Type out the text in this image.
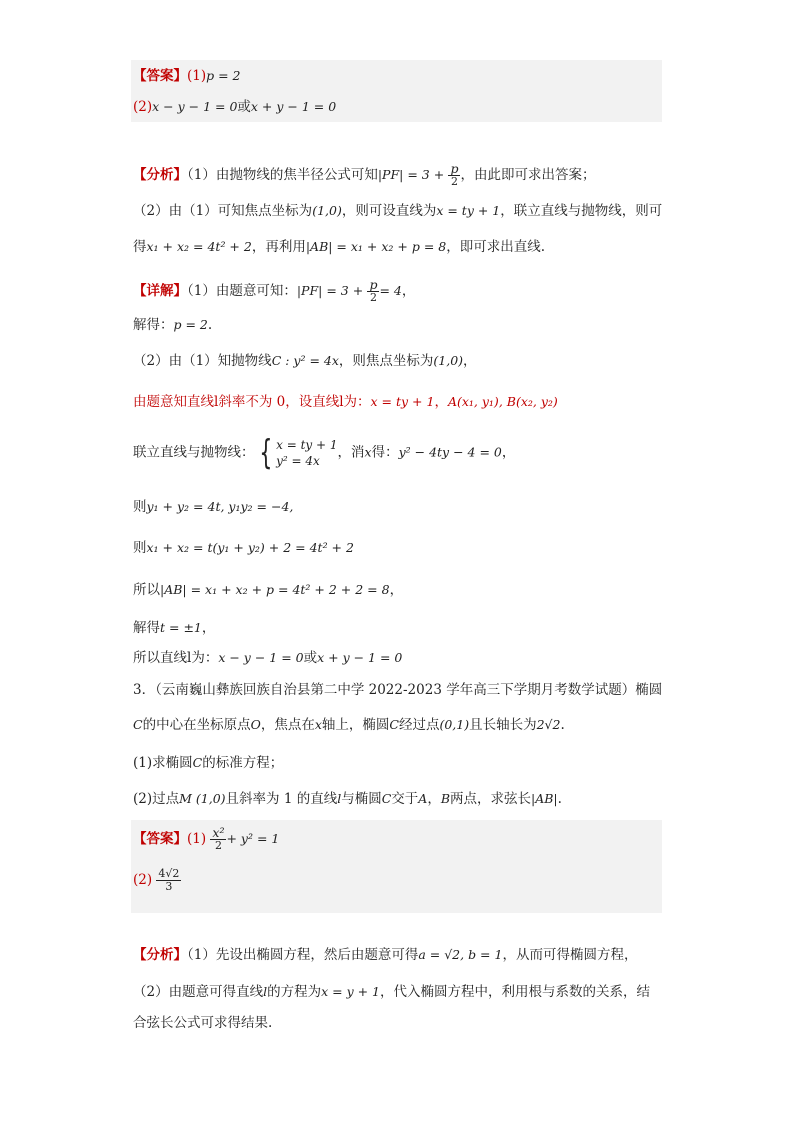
【答案】(1)p = 2
(2)x − y − 1 = 0或x + y − 1 = 0
【分析】（1）由抛物线的焦半径公式可知$|PF| = 3 + \frac{p}{2}$ ，由此即可求出答案；
（2）由（1）可知焦点坐标为(1,0)，则可设直线为x = ty + 1，联立直线与抛物线，则可
得x₁ + x₂ = 4t² + 2，再利用|AB| = x₁ + x₂ + p = 8，即可求出直线.
【详解】（1）由题意可知：$|PF| = 3 + \frac{p}{2} = 4$，
解得：p = 2.
（2）由（1）知抛物线C : y² = 4x，则焦点坐标为(1,0)，
由题意知直线l斜率不为 0，设直线l为：x = ty + 1，A(x₁, y₁), B(x₂, y₂)
联立直线与抛物线： { x = ty + 1
y² = 4x
，消x得：y² − 4ty − 4 = 0，
则y₁ + y₂ = 4t, y₁y₂ = −4,
则x₁ + x₂ = t(y₁ + y₂) + 2 = 4t² + 2
所以|AB| = x₁ + x₂ + p = 4t² + 2 + 2 = 8，
解得t = ±1，
所以直线l为：x − y − 1 = 0或x + y − 1 = 0
3．（云南巍山彝族回族自治县第二中学 2022-2023 学年高三下学期月考数学试题）椭圆
C的中心在坐标原点O，焦点在x轴上，椭圆C经过点(0,1)且长轴长为2√2.
(1)求椭圆C的标准方程；
(2)过点M (1,0)且斜率为 1 的直线l与椭圆C交于A，B两点，求弦长|AB|.
【答案】$(1) \frac{\text{x²}}{2} + y^2 = 1$
$(2) \frac{4√2}{3}$
【分析】（1）先设出椭圆方程，然后由题意可得a = √2, b = 1，从而可得椭圆方程，
（2）由题意可得直线l的方程为x = y + 1，代入椭圆方程中，利用根与系数的关系，结
合弦长公式可求得结果.
